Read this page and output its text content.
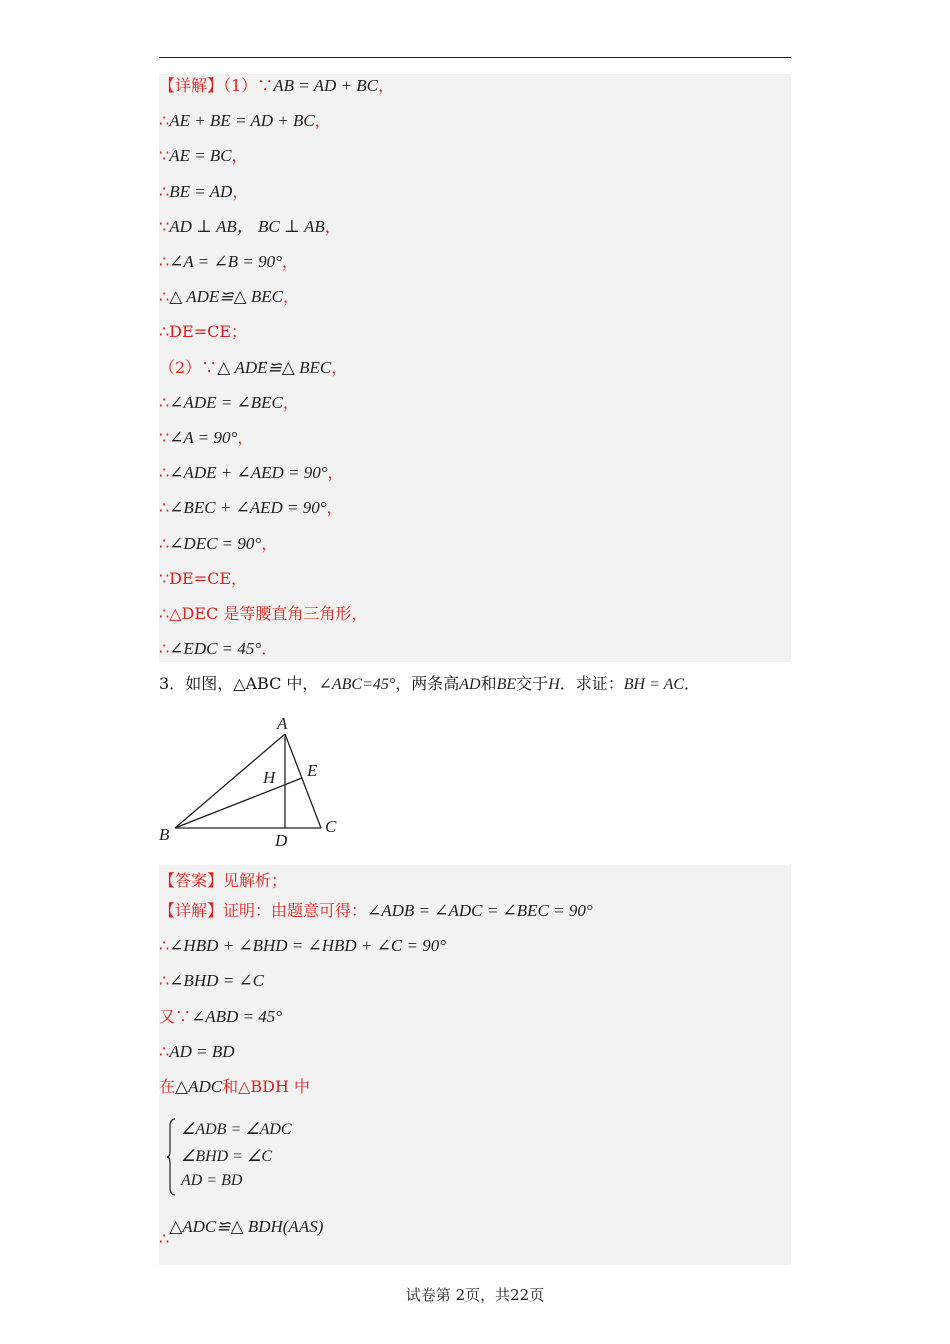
【详解】（1）∵AB = AD + BC，
∴AE + BE = AD + BC，
∵AE = BC，
∴BE = AD，
∵AD ⊥ AB， BC ⊥ AB，
∴∠A = ∠B = 90°，
∴△ ADE≌△ BEC，
∴DE=CE；
（2）∵△ ADE≌△ BEC，
∴∠ADE = ∠BEC，
∵∠A = 90°，
∴∠ADE + ∠AED = 90°，
∴∠BEC + ∠AED = 90°，
∴∠DEC = 90°，
∵DE=CE，
∴△DEC 是等腰直角三角形，
∴∠EDC = 45°．
3．如图，△ABC 中，∠ABC=45°，两条高AD和BE交于H．求证：BH = AC．
A
B	C
D
E
H
【答案】见解析；
∠ADB = ∠ADC
∠BHD = ∠C
AD = BD
∴△ADC≌△ BDH(AAS)
【详解】证明：由题意可得：∠ADB = ∠ADC = ∠BEC = 90°
∴∠HBD + ∠BHD = ∠HBD + ∠C = 90°
∴∠BHD = ∠C
又∵∠ABD = 45°
∴AD = BD
在△ADC和△BDH 中
试卷第 2页，共22页
